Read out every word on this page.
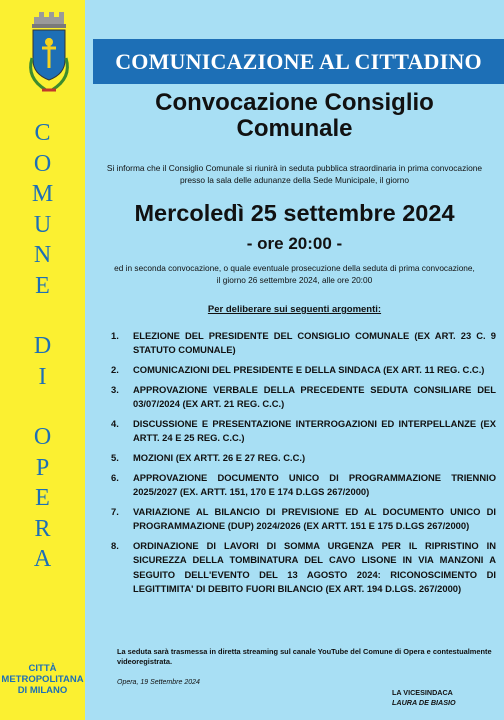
C
O
M
U
N
E
D
I
O
P
E
R
A
CITTÀ
METROPOLITANA
DI MILANO
COMUNICAZIONE AL CITTADINO
Convocazione Consiglio
Comunale
Si informa che il Consiglio Comunale si riunirà in seduta pubblica straordinaria in prima convocazione
presso la sala delle adunanze della Sede Municipale, il giorno
Mercoledì 25 settembre 2024
- ore 20:00 -
ed in seconda convocazione, o quale eventuale prosecuzione della seduta di prima convocazione,
il giorno 26 settembre 2024, alle ore 20:00
Per deliberare sui seguenti argomenti:
1. ELEZIONE DEL PRESIDENTE DEL CONSIGLIO COMUNALE (EX ART. 23 C. 9 STATUTO COMUNALE)
2. COMUNICAZIONI DEL PRESIDENTE E DELLA SINDACA (EX ART. 11 REG. C.C.)
3. APPROVAZIONE VERBALE DELLA PRECEDENTE SEDUTA CONSILIARE DEL 03/07/2024 (EX ART. 21 REG. C.C.)
4. DISCUSSIONE E PRESENTAZIONE INTERROGAZIONI ED INTERPELLANZE (EX ARTT. 24 E 25 REG. C.C.)
5. MOZIONI (EX ARTT. 26 E 27 REG. C.C.)
6. APPROVAZIONE DOCUMENTO UNICO DI PROGRAMMAZIONE TRIENNIO 2025/2027 (EX. ARTT. 151, 170 E 174 D.LGS 267/2000)
7. VARIAZIONE AL BILANCIO DI PREVISIONE ED AL DOCUMENTO UNICO DI PROGRAMMAZIONE (DUP) 2024/2026 (EX ARTT. 151 E 175 D.LGS 267/2000)
8. ORDINAZIONE DI LAVORI DI SOMMA URGENZA PER IL RIPRISTINO IN SICUREZZA DELLA TOMBINATURA DEL CAVO LISONE IN VIA MANZONI A SEGUITO DELL'EVENTO DEL 13 AGOSTO 2024: RICONOSCIMENTO DI LEGITTIMITA' DI DEBITO FUORI BILANCIO (EX ART. 194 D.LGS. 267/2000)
La seduta sarà trasmessa in diretta streaming sul canale YouTube del Comune di Opera e contestualmente videoregistrata.
Opera, 19 Settembre 2024
LA VICESINDACA
LAURA DE BIASIO
